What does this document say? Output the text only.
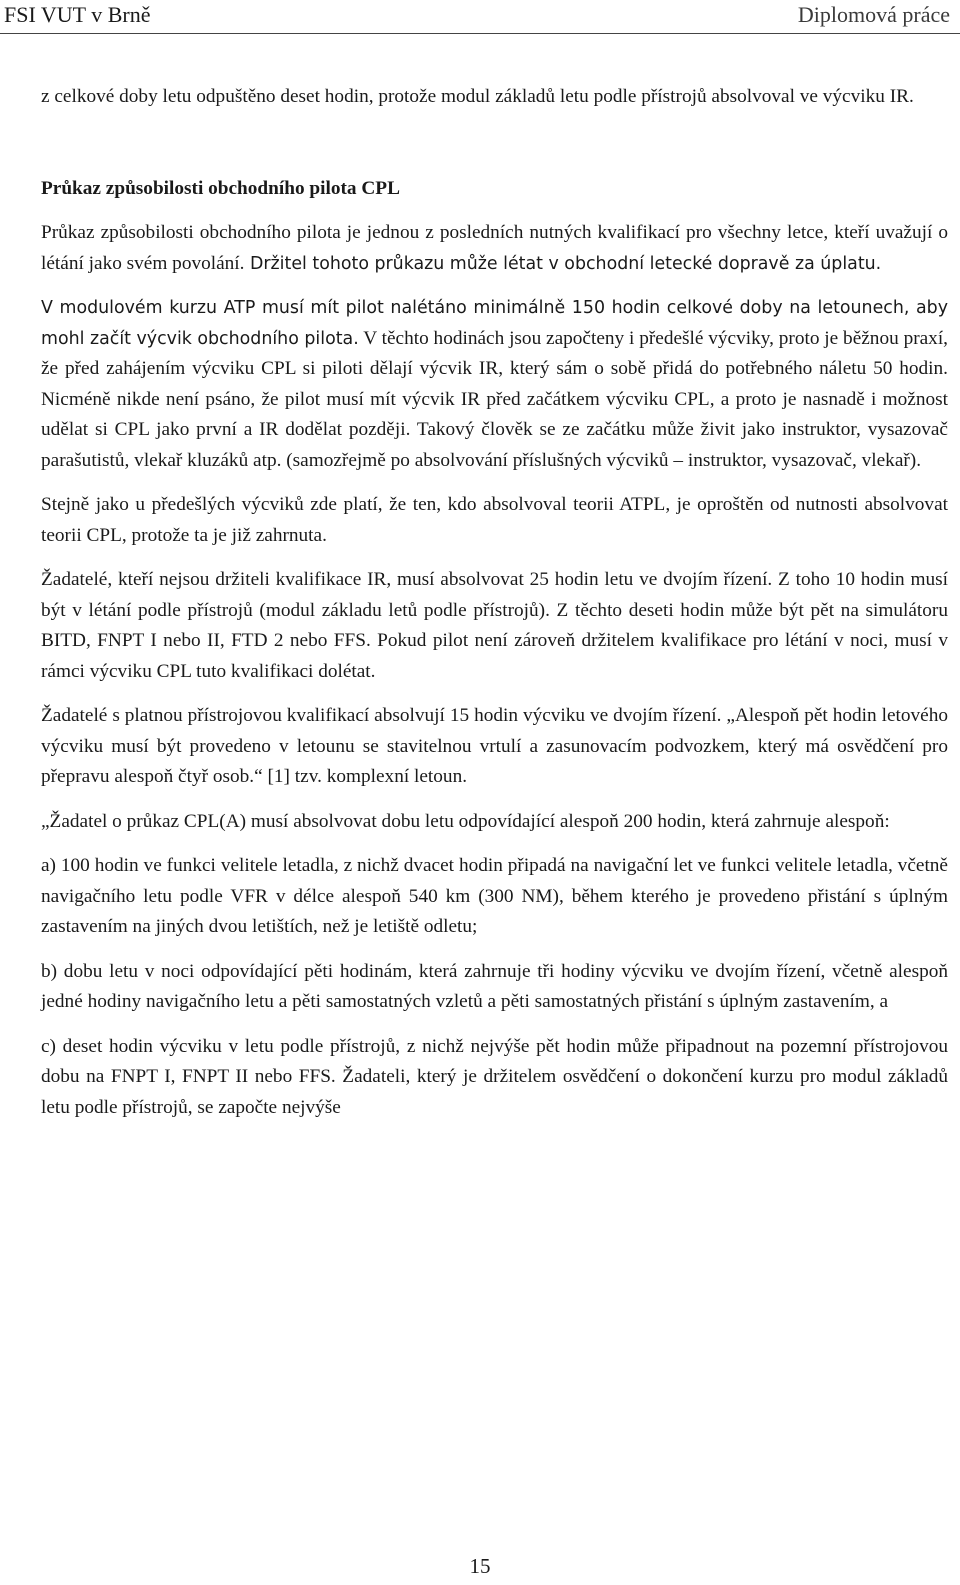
FSI VUT v Brně	Diplomová práce

z celkové doby letu odpuštěno deset hodin, protože modul základů letu podle přístrojů absolvoval ve výcviku IR.

Průkaz způsobilosti obchodního pilota CPL

Průkaz způsobilosti obchodního pilota je jednou z posledních nutných kvalifikací pro všechny letce, kteří uvažují o létání jako svém povolání. Držitel tohoto průkazu může létat v obchodní letecké dopravě za úplatu.

V modulovém kurzu ATP musí mít pilot nalétáno minimálně 150 hodin celkové doby na letounech, aby mohl začít výcvik obchodního pilota. V těchto hodinách jsou započteny i předešlé výcviky, proto je běžnou praxí, že před zahájením výcviku CPL si piloti dělají výcvik IR, který sám o sobě přidá do potřebného náletu 50 hodin. Nicméně nikde není psáno, že pilot musí mít výcvik IR před začátkem výcviku CPL, a proto je nasnadě i možnost udělat si CPL jako první a IR dodělat později. Takový člověk se ze začátku může živit jako instruktor, vysazovač parašutistů, vlekař kluzáků atp. (samozřejmě po absolvování příslušných výcviků – instruktor, vysazovač, vlekař).

Stejně jako u předešlých výcviků zde platí, že ten, kdo absolvoval teorii ATPL, je oproštěn od nutnosti absolvovat teorii CPL, protože ta je již zahrnuta.

Žadatelé, kteří nejsou držiteli kvalifikace IR, musí absolvovat 25 hodin letu ve dvojím řízení. Z toho 10 hodin musí být v létání podle přístrojů (modul základu letů podle přístrojů). Z těchto deseti hodin může být pět na simulátoru BITD, FNPT I nebo II, FTD 2 nebo FFS. Pokud pilot není zároveň držitelem kvalifikace pro létání v noci, musí v rámci výcviku CPL tuto kvalifikaci dolétat.

Žadatelé s platnou přístrojovou kvalifikací absolvují 15 hodin výcviku ve dvojím řízení. „Alespoň pět hodin letového výcviku musí být provedeno v letounu se stavitelnou vrtulí a zasunovacím podvozkem, který má osvědčení pro přepravu alespoň čtyř osob.“ [1] tzv. komplexní letoun.

„Žadatel o průkaz CPL(A) musí absolvovat dobu letu odpovídající alespoň 200 hodin, která zahrnuje alespoň:

a) 100 hodin ve funkci velitele letadla, z nichž dvacet hodin připadá na navigační let ve funkci velitele letadla, včetně navigačního letu podle VFR v délce alespoň 540 km (300 NM), během kterého je provedeno přistání s úplným zastavením na jiných dvou letištích, než je letiště odletu;

b) dobu letu v noci odpovídající pěti hodinám, která zahrnuje tři hodiny výcviku ve dvojím řízení, včetně alespoň jedné hodiny navigačního letu a pěti samostatných vzletů a pěti samostatných přistání s úplným zastavením, a

c) deset hodin výcviku v letu podle přístrojů, z nichž nejvýše pět hodin může připadnout na pozemní přístrojovou dobu na FNPT I, FNPT II nebo FFS. Žadateli, který je držitelem osvědčení o dokončení kurzu pro modul základů letu podle přístrojů, se započte nejvýše

15
